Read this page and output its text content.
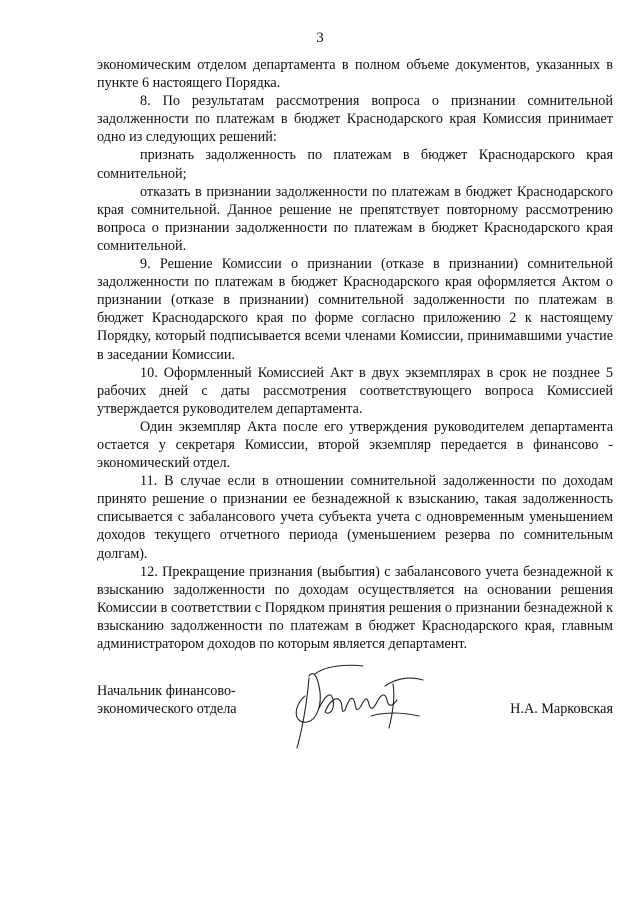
3

экономическим отделом департамента в полном объеме документов, указанных в пункте 6 настоящего Порядка.

8. По результатам рассмотрения вопроса о признании сомнительной задолженности по платежам в бюджет Краснодарского края Комиссия принимает одно из следующих решений:

признать задолженность по платежам в бюджет Краснодарского края сомнительной;

отказать в признании задолженности по платежам в бюджет Краснодарского края сомнительной. Данное решение не препятствует повторному рассмотрению вопроса о признании задолженности по платежам в бюджет Краснодарского края сомнительной.

9. Решение Комиссии о признании (отказе в признании) сомнительной задолженности по платежам в бюджет Краснодарского края оформляется Актом о признании (отказе в признании) сомнительной задолженности по платежам в бюджет Краснодарского края по форме согласно приложению 2 к настоящему Порядку, который подписывается всеми членами Комиссии, принимавшими участие в заседании Комиссии.

10. Оформленный Комиссией Акт в двух экземплярах в срок не позднее 5 рабочих дней с даты рассмотрения соответствующего вопроса Комиссией утверждается руководителем департамента.

Один экземпляр Акта после его утверждения руководителем департамента остается у секретаря Комиссии, второй экземпляр передается в финансово - экономический отдел.

11. В случае если в отношении сомнительной задолженности по доходам принято решение о признании ее безнадежной к взысканию, такая задолженность списывается с забалансового учета субъекта учета с одновременным уменьшением доходов текущего отчетного периода (уменьшением резерва по сомнительным долгам).

12. Прекращение признания (выбытия) с забалансового учета безнадежной к взысканию задолженности по доходам осуществляется на основании решения Комиссии в соответствии с Порядком принятия решения о признании безнадежной к взысканию задолженности по платежам в бюджет Краснодарского края, главным администратором доходов по которым является департамент.

Начальник финансово-
экономического отдела	Н.А. Марковская
